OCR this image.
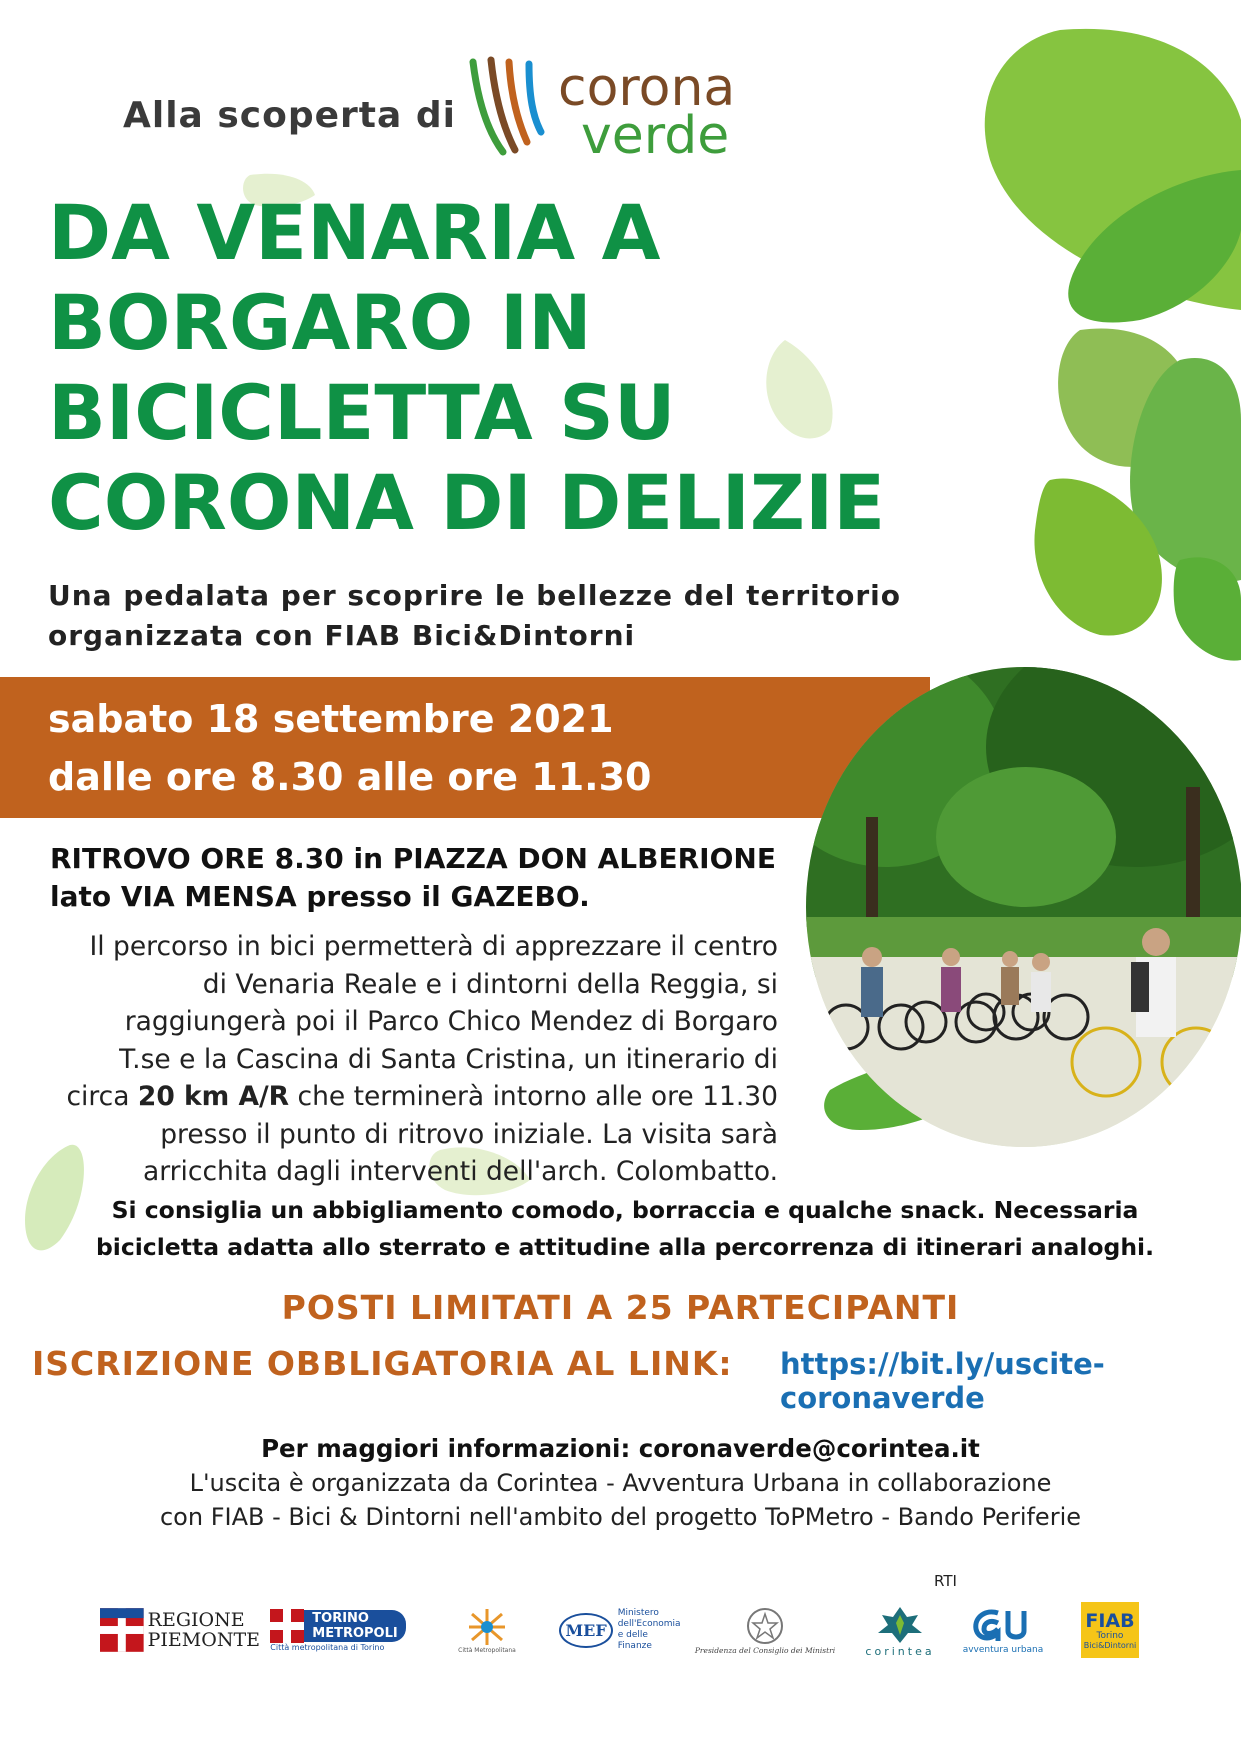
Alla scoperta di corona
verde
DA VENARIA A
BORGARO IN
BICICLETTA SU
CORONA DI DELIZIE
Una pedalata per scoprire le bellezze del territorio
organizzata con FIAB Bici&Dintorni
sabato 18 settembre 2021
dalle ore 8.30 alle ore 11.30
RITROVO ORE 8.30 in PIAZZA DON ALBERIONE
lato VIA MENSA presso il GAZEBO.
Il percorso in bici permetterà di apprezzare il centro
di Venaria Reale e i dintorni della Reggia, si
raggiungerà poi il Parco Chico Mendez di Borgaro
T.se e la Cascina di Santa Cristina, un itinerario di
circa 20 km A/R che terminerà intorno alle ore 11.30
presso il punto di ritrovo iniziale. La visita sarà
arricchita dagli interventi dell'arch. Colombatto.
Si consiglia un abbigliamento comodo, borraccia e qualche snack. Necessaria
bicicletta adatta allo sterrato e attitudine alla percorrenza di itinerari analoghi.
POSTI LIMITATI A 25 PARTECIPANTI
ISCRIZIONE OBBLIGATORIA AL LINK: https://bit.ly/uscite-coronaverde
Per maggiori informazioni: coronaverde@corintea.it
L'uscita è organizzata da Corintea - Avventura Urbana in collaborazione
con FIAB - Bici & Dintorni nell'ambito del progetto ToPMetro - Bando Periferie
RTI
REGIONE
PIEMONTE
TORINO
METROPOLI
Città metropolitana di Torino	Città Metropolitana
MEF
Ministero
dell'Economia
e delle Finanze	Presidenza del Consiglio dei Ministri	corintea	avventura urbana
FIAB
Torino
Bici&Dintorni
